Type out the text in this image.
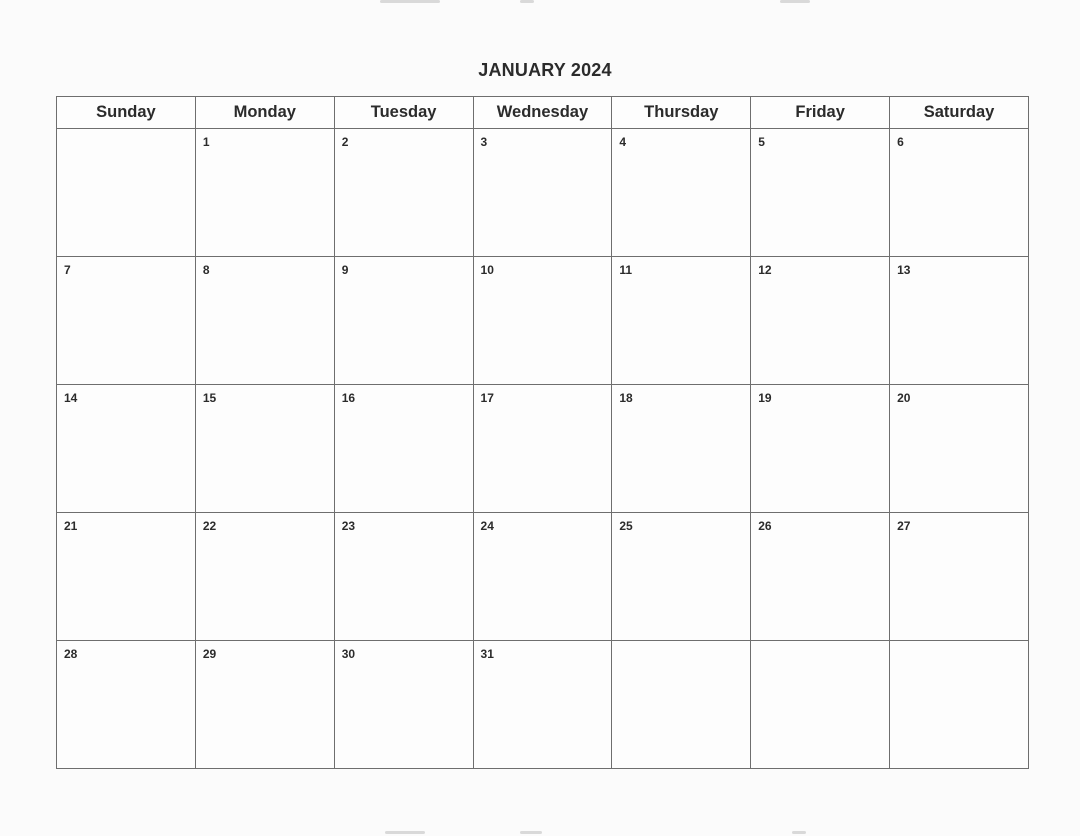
JANUARY 2024
Sunday	Monday	Tuesday	Wednesday	Thursday	Friday	Saturday

	1	2	3	4	5	6

7	8	9	10	11	12	13

14	15	16	17	18	19	20

21	22	23	24	25	26	27

28	29	30	31			
